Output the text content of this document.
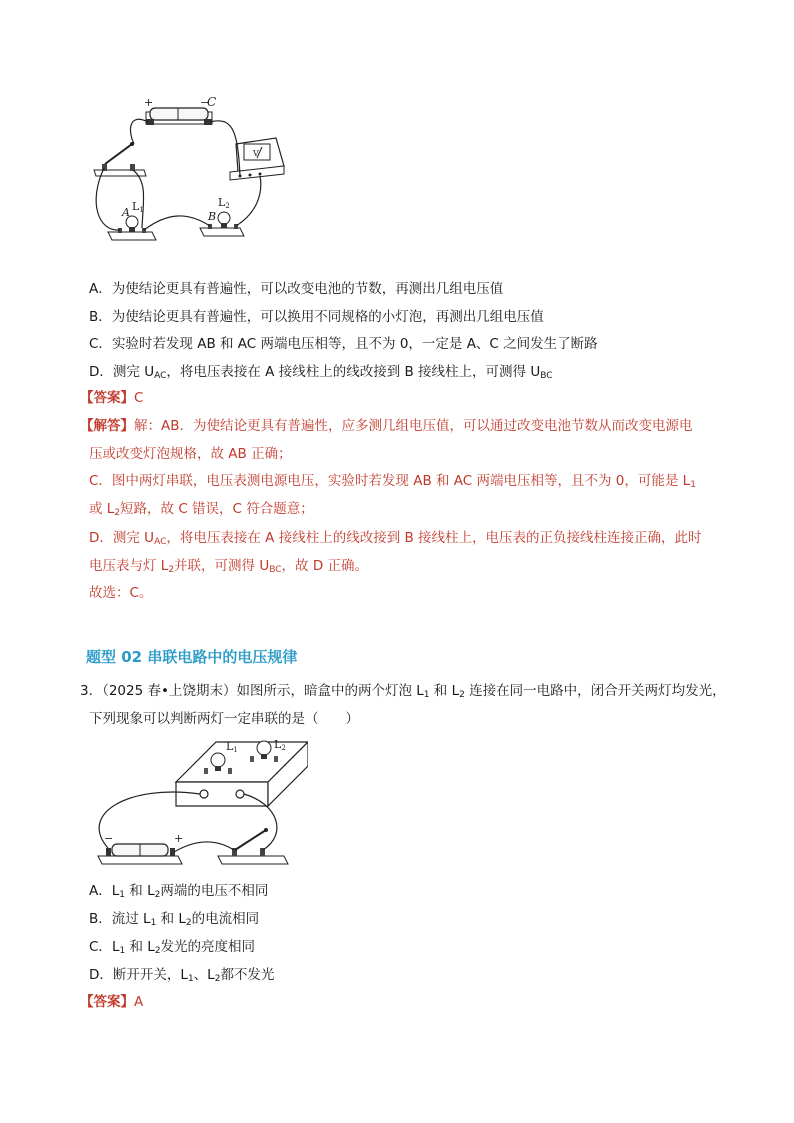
+	−
C
V
A L1	B
L2
A．为使结论更具有普遍性，可以改变电池的节数，再测出几组电压值
B．为使结论更具有普遍性，可以换用不同规格的小灯泡，再测出几组电压值
C．实验时若发现 AB 和 AC 两端电压相等，且不为 0，一定是 A、C 之间发生了断路
D．测完 $U_{AC}$，将电压表接在 A 接线柱上的线改接到 B 接线柱上，可测得 $U_{BC}$
【答案】C
【解答】解：AB．为使结论更具有普遍性，应多测几组电压值，可以通过改变电池节数从而改变电源电
压或改变灯泡规格，故 AB 正确；
C．图中两灯串联，电压表测电源电压，实验时若发现 AB 和 AC 两端电压相等，且不为 0，可能是 $L_1$
或 $L_2$短路，故 C 错误，C 符合题意；
D．测完 $U_{AC}$，将电压表接在 A 接线柱上的线改接到 B 接线柱上，电压表的正负接线柱连接正确，此时
电压表与灯 $L_2$并联，可测得 $U_{BC}$，故 D 正确。
故选：C。
题型 02 串联电路中的电压规律
3．（2025 春•上饶期末）如图所示，暗盒中的两个灯泡 $L_1$ 和 $L_2$ 连接在同一电路中，闭合开关两灯均发光，
下列现象可以判断两灯一定串联的是（　　）
L1	L2
−	+
A．$L_1$ 和 $L_2$两端的电压不相同
B．流过 $L_1$ 和 $L_2$的电流相同
C．$L_1$ 和 $L_2$发光的亮度相同
D．断开开关，$L_1$、$L_2$都不发光
【答案】A
